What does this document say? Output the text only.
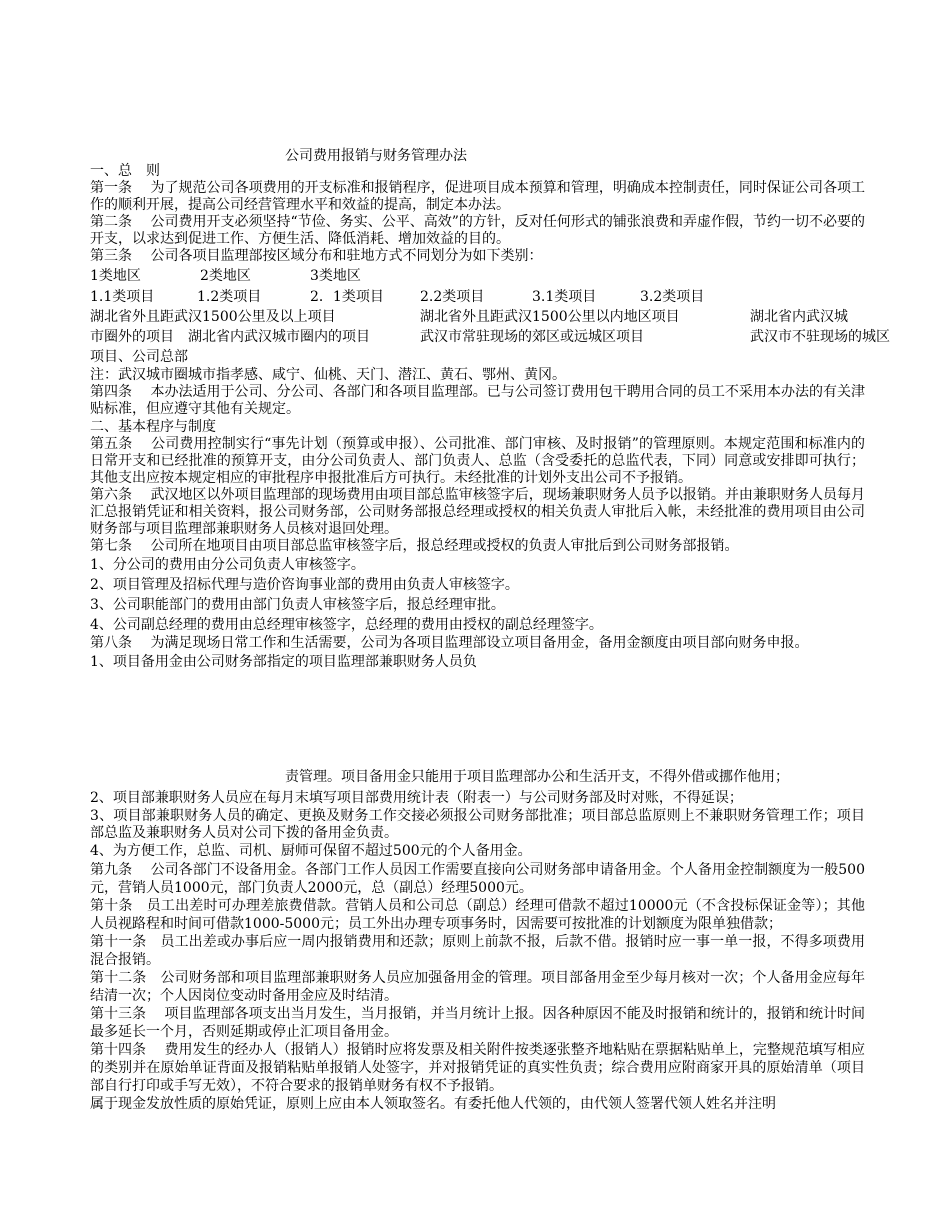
公司费用报销与财务管理办法
一、总　则

第一条　 为了规范公司各项费用的开支标准和报销程序，促进项目成本预算和管理，明确成本控制责任，同时保证公司各项工作的顺利开展，提高公司经营管理水平和效益的提高，制定本办法。

第二条　 公司费用开支必须坚持“节俭、务实、公平、高效”的方针，反对任何形式的铺张浪费和弄虚作假，节约一切不必要的开支，以求达到促进工作、方便生活、降低消耗、增加效益的目的。

第三条　 公司各项目监理部按区域分布和驻地方式不同划分为如下类别：

1类地区	2类地区	3类地区
1.1类项目	1.2类项目	2．1类项目	2.2类项目	3.1类项目	3.2类项目
湖北省外且距武汉1500公里及以上项目	湖北省外且距武汉1500公里以内地区项目	湖北省内武汉城
市圈外的项目　湖北省内武汉城市圈内的项目	武汉市常驻现场的郊区或远城区项目	武汉市不驻现场的城区
项目、公司总部

注：武汉城市圈城市指孝感、咸宁、仙桃、天门、潜江、黄石、鄂州、黄冈。

第四条　 本办法适用于公司、分公司、各部门和各项目监理部。已与公司签订费用包干聘用合同的员工不采用本办法的有关津贴标准，但应遵守其他有关规定。

二、基本程序与制度

第五条　 公司费用控制实行“事先计划（预算或申报）、公司批准、部门审核、及时报销”的管理原则。本规定范围和标准内的日常开支和已经批准的预算开支，由分公司负责人、部门负责人、总监（含受委托的总监代表，下同）同意或安排即可执行；其他支出应按本规定相应的审批程序申报批准后方可执行。未经批准的计划外支出公司不予报销。

第六条　 武汉地区以外项目监理部的现场费用由项目部总监审核签字后，现场兼职财务人员予以报销。并由兼职财务人员每月汇总报销凭证和相关资料，报公司财务部，公司财务部报总经理或授权的相关负责人审批后入帐，未经批准的费用项目由公司财务部与项目监理部兼职财务人员核对退回处理。

第七条　 公司所在地项目由项目部总监审核签字后，报总经理或授权的负责人审批后到公司财务部报销。

1、分公司的费用由分公司负责人审核签字。
2、项目管理及招标代理与造价咨询事业部的费用由负责人审核签字。
3、公司职能部门的费用由部门负责人审核签字后，报总经理审批。
4、公司副总经理的费用由总经理审核签字，总经理的费用由授权的副总经理签字。

第八条　 为满足现场日常工作和生活需要，公司为各项目监理部设立项目备用金，备用金额度由项目部向财务申报。

1、项目备用金由公司财务部指定的项目监理部兼职财务人员负
责管理。项目备用金只能用于项目监理部办公和生活开支，不得外借或挪作他用；

2、项目部兼职财务人员应在每月末填写项目部费用统计表（附表一）与公司财务部及时对账，不得延误；

3、项目部兼职财务人员的确定、更换及财务工作交接必须报公司财务部批准；项目部总监原则上不兼职财务管理工作；项目部总监及兼职财务人员对公司下拨的备用金负责。

4、为方便工作，总监、司机、厨师可保留不超过500元的个人备用金。

第九条　 公司各部门不设备用金。各部门工作人员因工作需要直接向公司财务部申请备用金。个人备用金控制额度为一般500元，营销人员1000元，部门负责人2000元，总（副总）经理5000元。

第十条　员工出差时可办理差旅费借款。营销人员和公司总（副总）经理可借款不超过10000元（不含投标保证金等）；其他人员视路程和时间可借款1000-5000元；员工外出办理专项事务时，因需要可按批准的计划额度为限单独借款；

第十一条　员工出差或办事后应一周内报销费用和还款；原则上前款不报，后款不借。报销时应一事一单一报，不得多项费用混合报销。

第十二条　公司财务部和项目监理部兼职财务人员应加强备用金的管理。项目部备用金至少每月核对一次；个人备用金应每年结清一次；个人因岗位变动时备用金应及时结清。

第十三条　 项目监理部各项支出当月发生，当月报销，并当月统计上报。因各种原因不能及时报销和统计的，报销和统计时间最多延长一个月，否则延期或停止汇项目备用金。

第十四条　 费用发生的经办人（报销人）报销时应将发票及相关附件按类逐张整齐地粘贴在票据粘贴单上，完整规范填写相应的类别并在原始单证背面及报销粘贴单报销人处签字，并对报销凭证的真实性负责；综合费用应附商家开具的原始清单（项目部自行打印或手写无效），不符合要求的报销单财务有权不予报销。

属于现金发放性质的原始凭证，原则上应由本人领取签名。有委托他人代领的，由代领人签署代领人姓名并注明
